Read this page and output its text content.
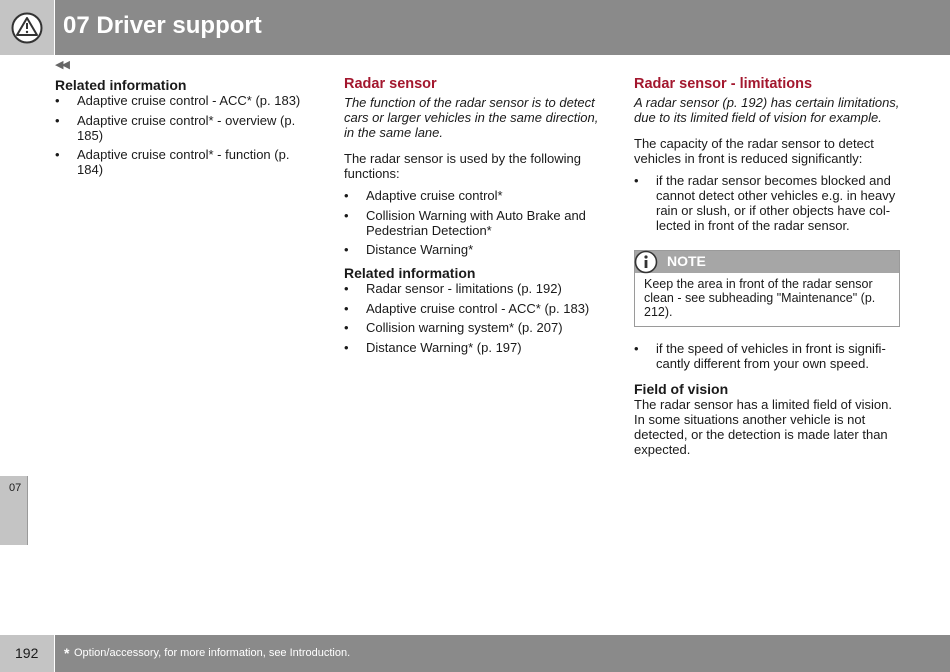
07 Driver support
◀◀
Related information
• Adaptive cruise control - ACC* (p. 183)
• Adaptive cruise control* - overview (p. 185)
• Adaptive cruise control* - function (p. 184)
Radar sensor
The function of the radar sensor is to detect cars or larger vehicles in the same direction, in the same lane.
The radar sensor is used by the following functions:
• Adaptive cruise control*
• Collision Warning with Auto Brake and Pedestrian Detection*
• Distance Warning*
Related information
• Radar sensor - limitations (p. 192)
• Adaptive cruise control - ACC* (p. 183)
• Collision warning system* (p. 207)
• Distance Warning* (p. 197)
Radar sensor - limitations
A radar sensor (p. 192) has certain limitations, due to its limited field of vision for example.
The capacity of the radar sensor to detect vehicles in front is reduced significantly:
• if the radar sensor becomes blocked and cannot detect other vehicles e.g. in heavy rain or slush, or if other objects have col-lected in front of the radar sensor.
NOTE
Keep the area in front of the radar sensor clean - see subheading "Maintenance" (p. 212).
• if the speed of vehicles in front is signifi-cantly different from your own speed.
Field of vision
The radar sensor has a limited field of vision. In some situations another vehicle is not detected, or the detection is made later than expected.
07
192 * Option/accessory, for more information, see Introduction.
